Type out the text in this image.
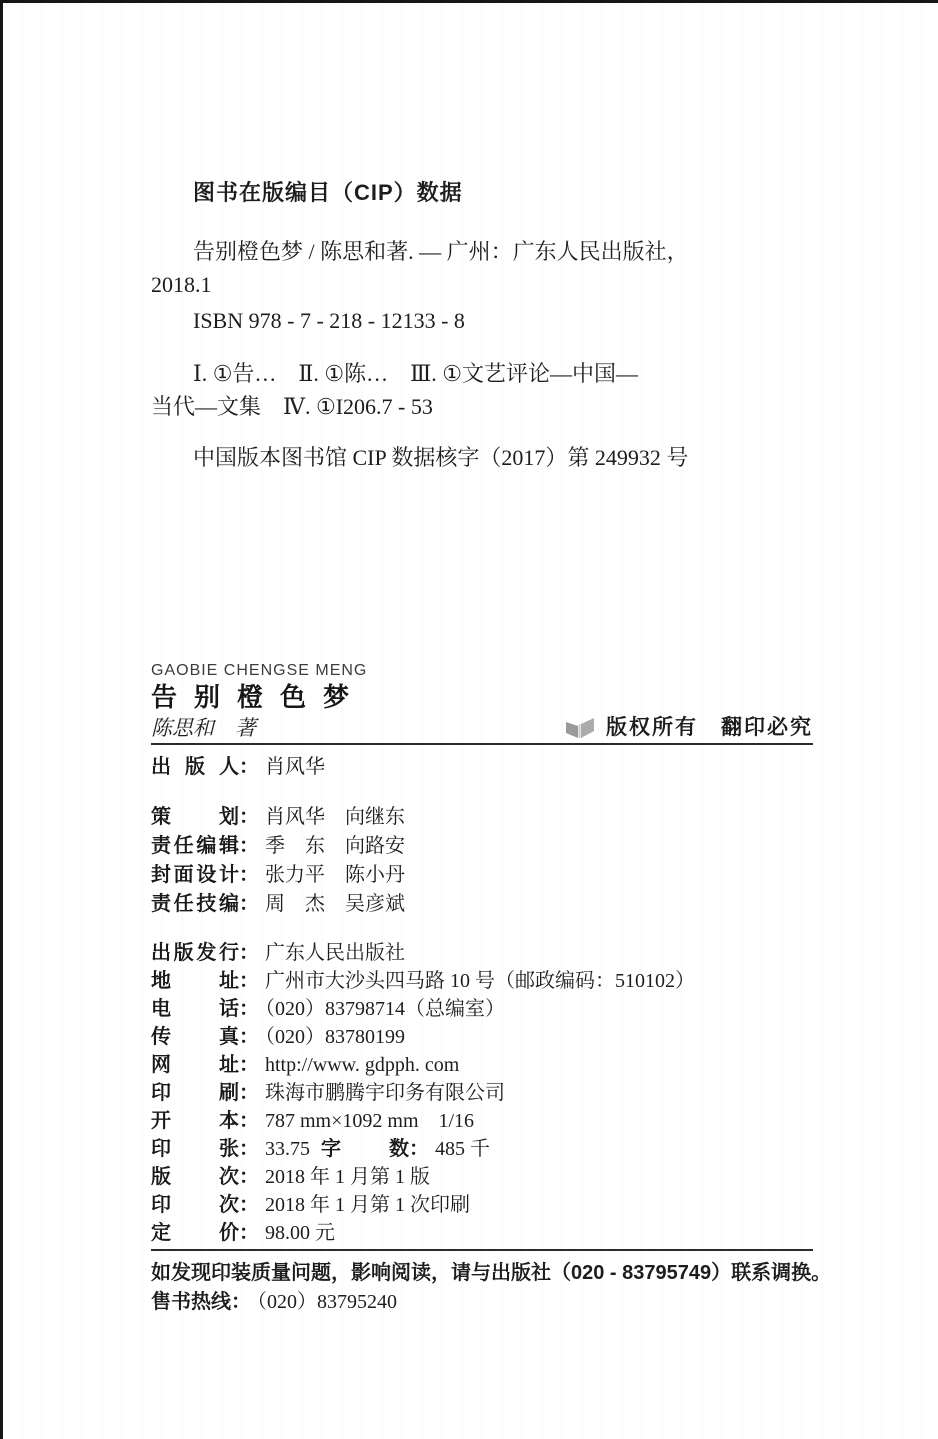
图书在版编目（CIP）数据

告别橙色梦 / 陈思和著. — 广州：广东人民出版社，

2018.1

ISBN 978 - 7 - 218 - 12133 - 8

Ⅰ. ①告…　Ⅱ. ①陈…　Ⅲ. ①文艺评论—中国—

当代—文集　Ⅳ. ①I206.7 - 53

中国版本图书馆 CIP 数据核字（2017）第 249932 号

GAOBIE CHENGSE MENG
告别橙色梦
陈思和　著	版权所有　翻印必究
出版人： 肖风华
策划： 肖风华　向继东
责任编辑： 季　东　向路安
封面设计： 张力平　陈小丹
责任技编： 周　杰　吴彦斌
出版发行： 广东人民出版社
地址： 广州市大沙头四马路 10 号（邮政编码：510102）
电话： （020）83798714（总编室）
传真： （020）83780199
网址： http://www. gdpph. com
印刷： 珠海市鹏腾宇印务有限公司
开本： 787 mm×1092 mm　1/16
印张： 33.75 字数： 485 千
版次： 2018 年 1 月第 1 版
印次： 2018 年 1 月第 1 次印刷
定价： 98.00 元
如发现印装质量问题，影响阅读，请与出版社（020 - 83795749）联系调换。
售书热线： （020）83795240
